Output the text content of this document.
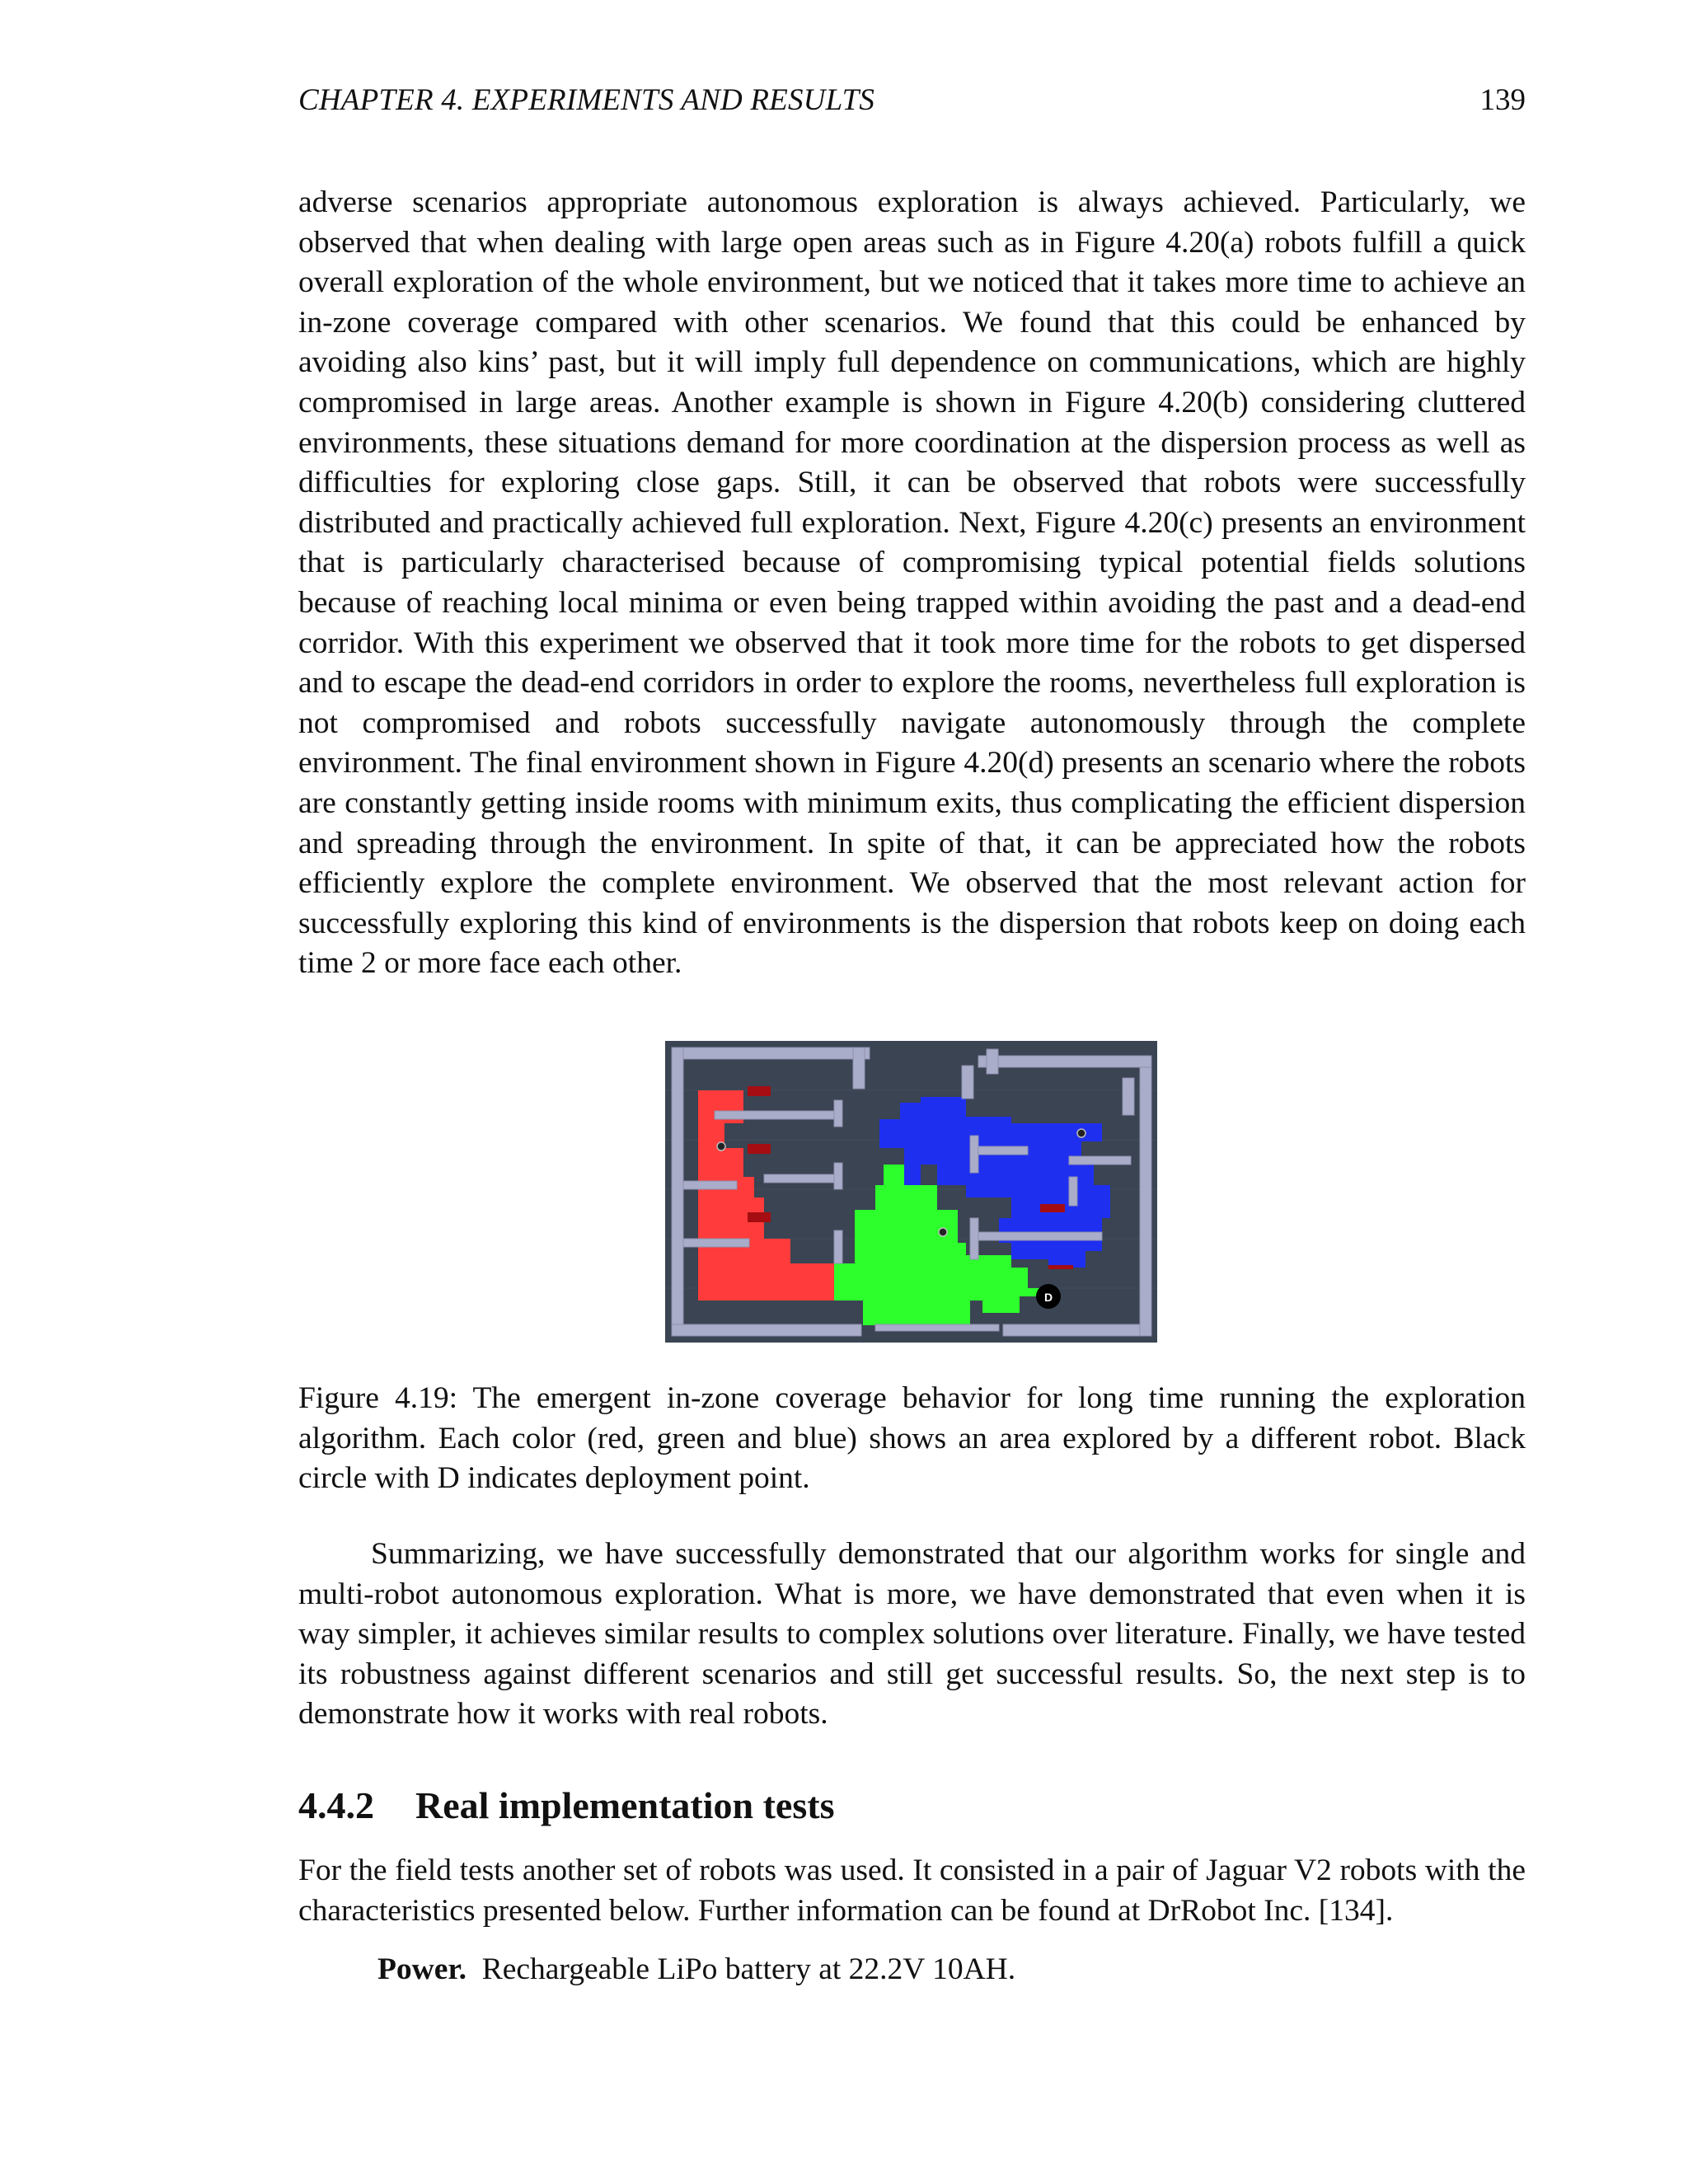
CHAPTER 4. EXPERIMENTS AND RESULTS	139

adverse scenarios appropriate autonomous exploration is always achieved. Particularly, we observed that when dealing with large open areas such as in Figure 4.20(a) robots fulfill a quick overall exploration of the whole environment, but we noticed that it takes more time to achieve an in-zone coverage compared with other scenarios. We found that this could be enhanced by avoiding also kins’ past, but it will imply full dependence on communications, which are highly compromised in large areas. Another example is shown in Figure 4.20(b) considering cluttered environments, these situations demand for more coordination at the dispersion process as well as difficulties for exploring close gaps. Still, it can be observed that robots were successfully distributed and practically achieved full exploration. Next, Figure 4.20(c) presents an environment that is particularly characterised because of compromising typical potential fields solutions because of reaching local minima or even being trapped within avoiding the past and a dead-end corridor. With this experiment we observed that it took more time for the robots to get dispersed and to escape the dead-end corridors in order to explore the rooms, nevertheless full exploration is not compromised and robots successfully navigate autonomously through the complete environment. The final environment shown in Figure 4.20(d) presents an scenario where the robots are constantly getting inside rooms with minimum exits, thus complicating the efficient dispersion and spreading through the environment. In spite of that, it can be appreciated how the robots efficiently explore the complete environment. We observed that the most relevant action for successfully exploring this kind of environments is the dispersion that robots keep on doing each time 2 or more face each other.

D

Figure 4.19: The emergent in-zone coverage behavior for long time running the exploration algorithm. Each color (red, green and blue) shows an area explored by a different robot. Black circle with D indicates deployment point.

Summarizing, we have successfully demonstrated that our algorithm works for single and multi-robot autonomous exploration. What is more, we have demonstrated that even when it is way simpler, it achieves similar results to complex solutions over literature. Finally, we have tested its robustness against different scenarios and still get successful results. So, the next step is to demonstrate how it works with real robots.

4.4.2 Real implementation tests

For the field tests another set of robots was used. It consisted in a pair of Jaguar V2 robots with the characteristics presented below. Further information can be found at DrRobot Inc. [134].

Power. Rechargeable LiPo battery at 22.2V 10AH.
